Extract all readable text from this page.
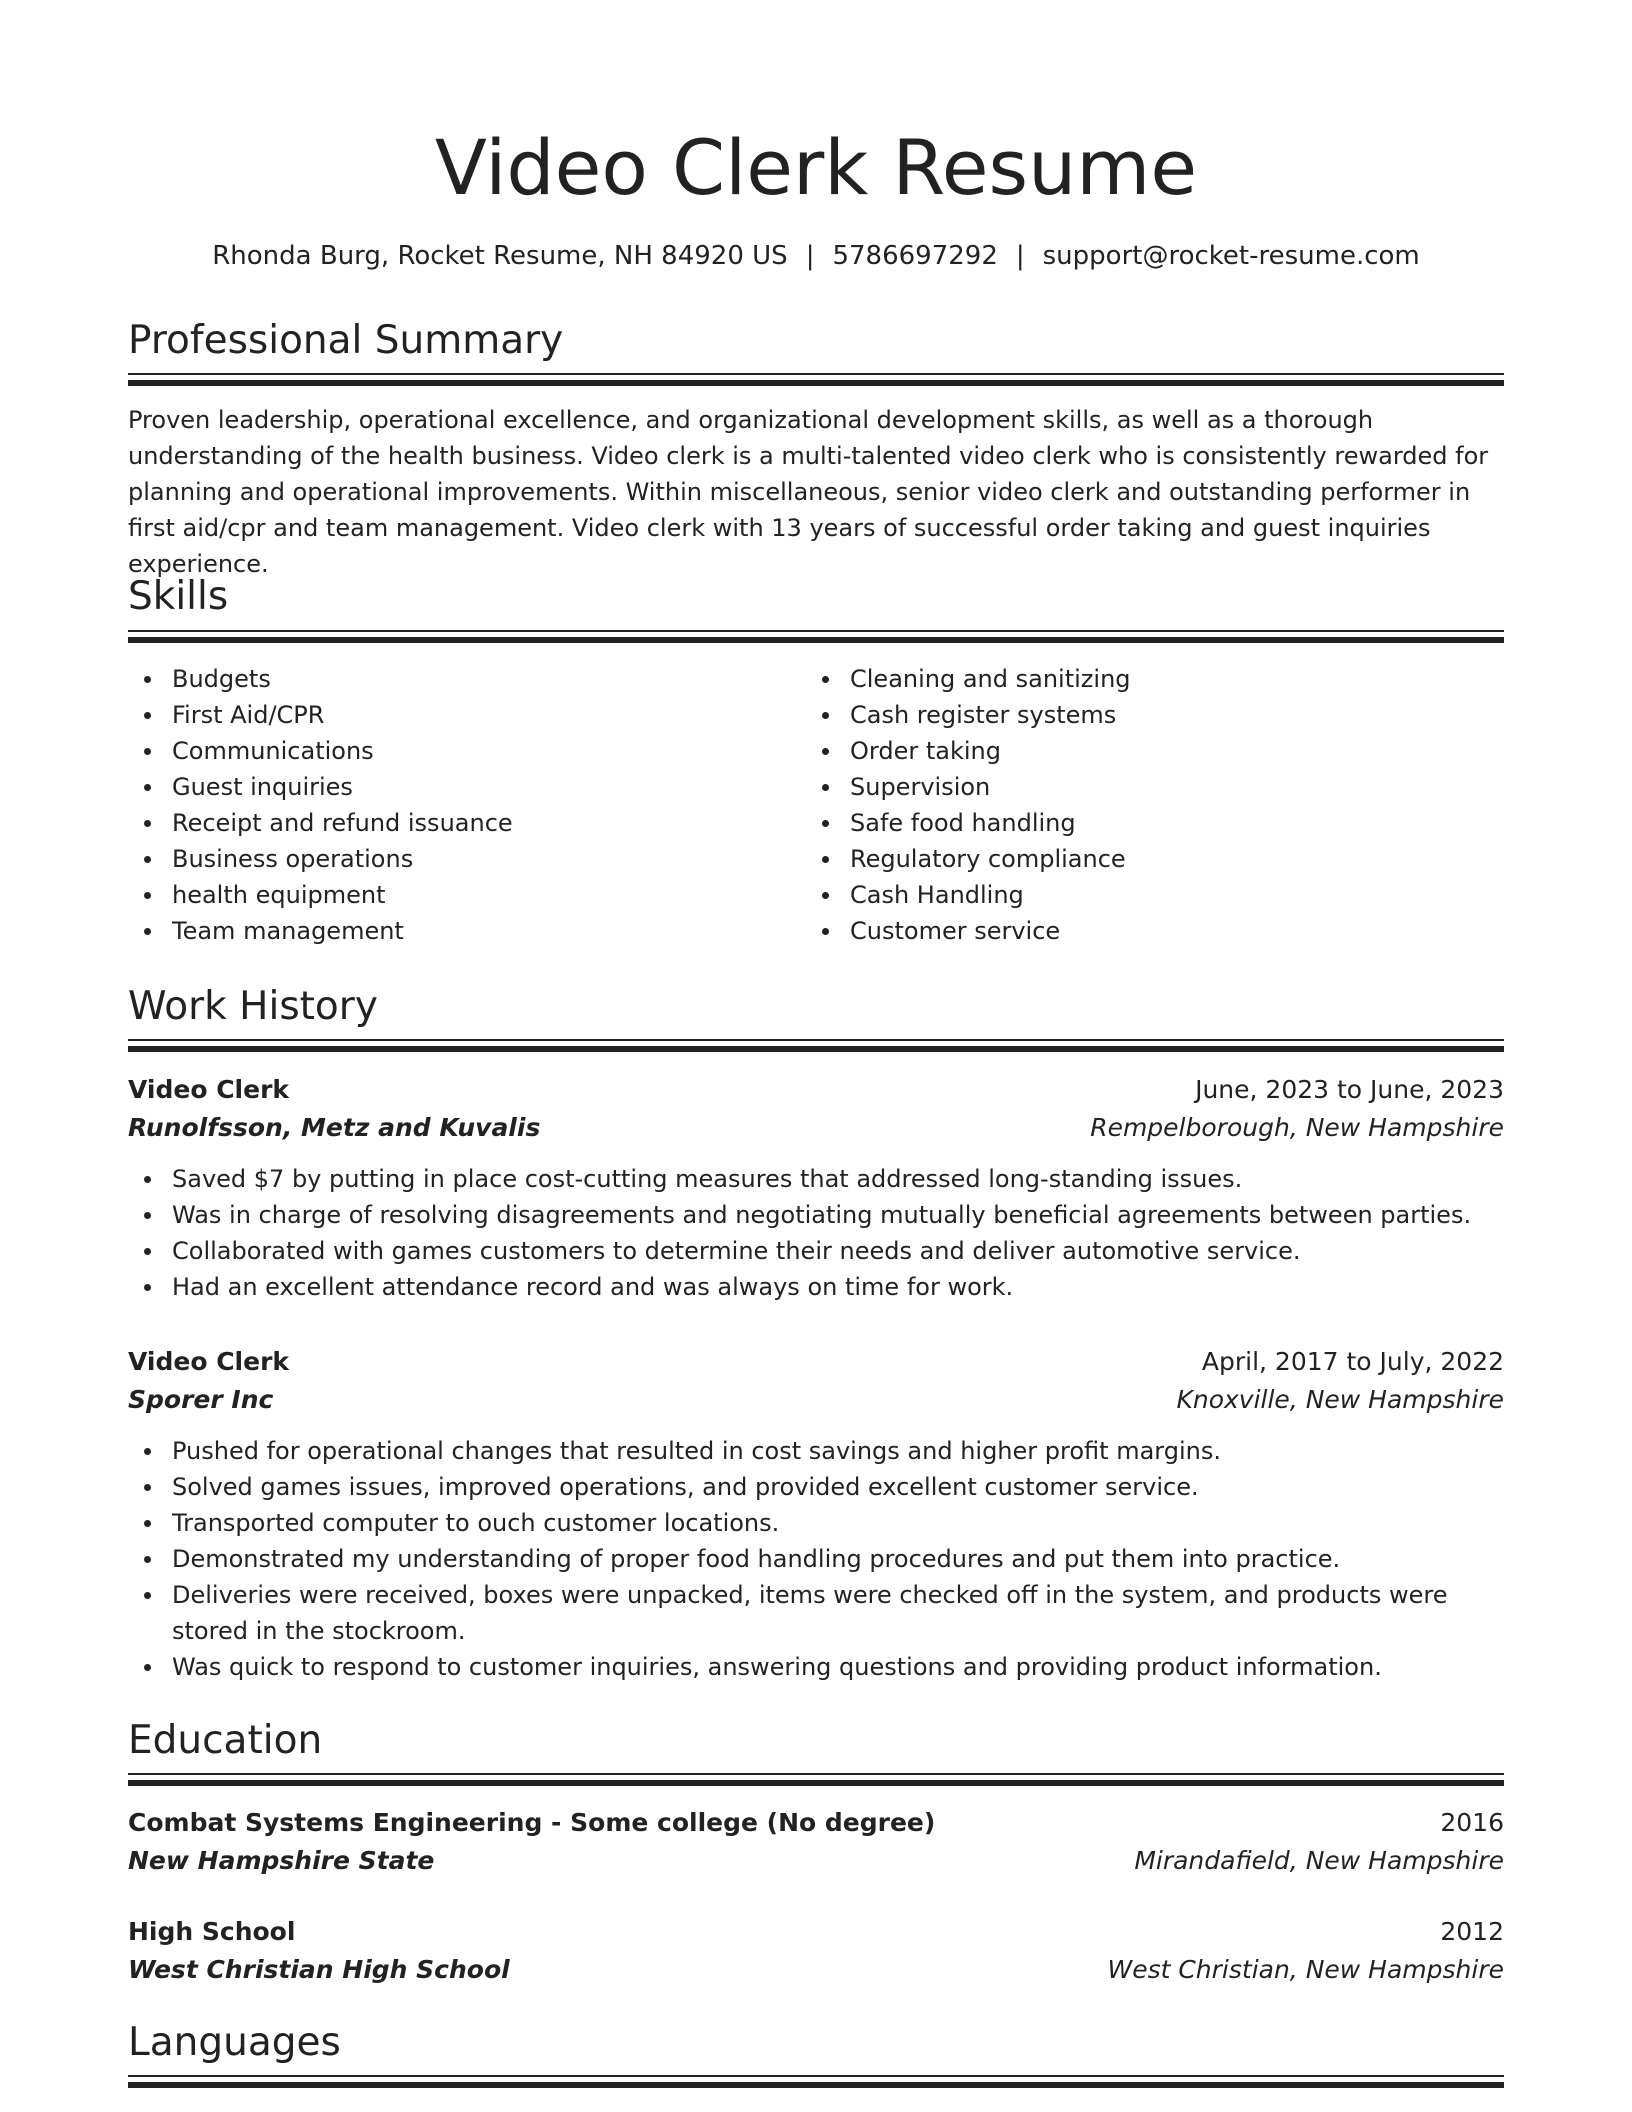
Video Clerk Resume
Rhonda Burg, Rocket Resume, NH 84920 US | 5786697292 | support@rocket-resume.com
Professional Summary

Proven leadership, operational excellence, and organizational development skills, as well as a thorough understanding of the health business. Video clerk is a multi-talented video clerk who is consistently rewarded for planning and operational improvements. Within miscellaneous, senior video clerk and outstanding performer in first aid/cpr and team management. Video clerk with 13 years of successful order taking and guest inquiries experience.

Skills
Budgets
First Aid/CPR
Communications
Guest inquiries
Receipt and refund issuance
Business operations
health equipment
Team management
Cleaning and sanitizing
Cash register systems
Order taking
Supervision
Safe food handling
Regulatory compliance
Cash Handling
Customer service
Work History
Video Clerk	June, 2023 to June, 2023
Runolfsson, Metz and Kuvalis	Rempelborough, New Hampshire
Saved $7 by putting in place cost-cutting measures that addressed long-standing issues.
Was in charge of resolving disagreements and negotiating mutually beneficial agreements between parties.
Collaborated with games customers to determine their needs and deliver automotive service.
Had an excellent attendance record and was always on time for work.
Video Clerk	April, 2017 to July, 2022
Sporer Inc	Knoxville, New Hampshire
Pushed for operational changes that resulted in cost savings and higher profit margins.
Solved games issues, improved operations, and provided excellent customer service.
Transported computer to ouch customer locations.
Demonstrated my understanding of proper food handling procedures and put them into practice.
Deliveries were received, boxes were unpacked, items were checked off in the system, and products were stored in the stockroom.
Was quick to respond to customer inquiries, answering questions and providing product information.
Education
Combat Systems Engineering - Some college (No degree)	2016
New Hampshire State	Mirandafield, New Hampshire
High School	2012
West Christian High School	West Christian, New Hampshire
Languages
